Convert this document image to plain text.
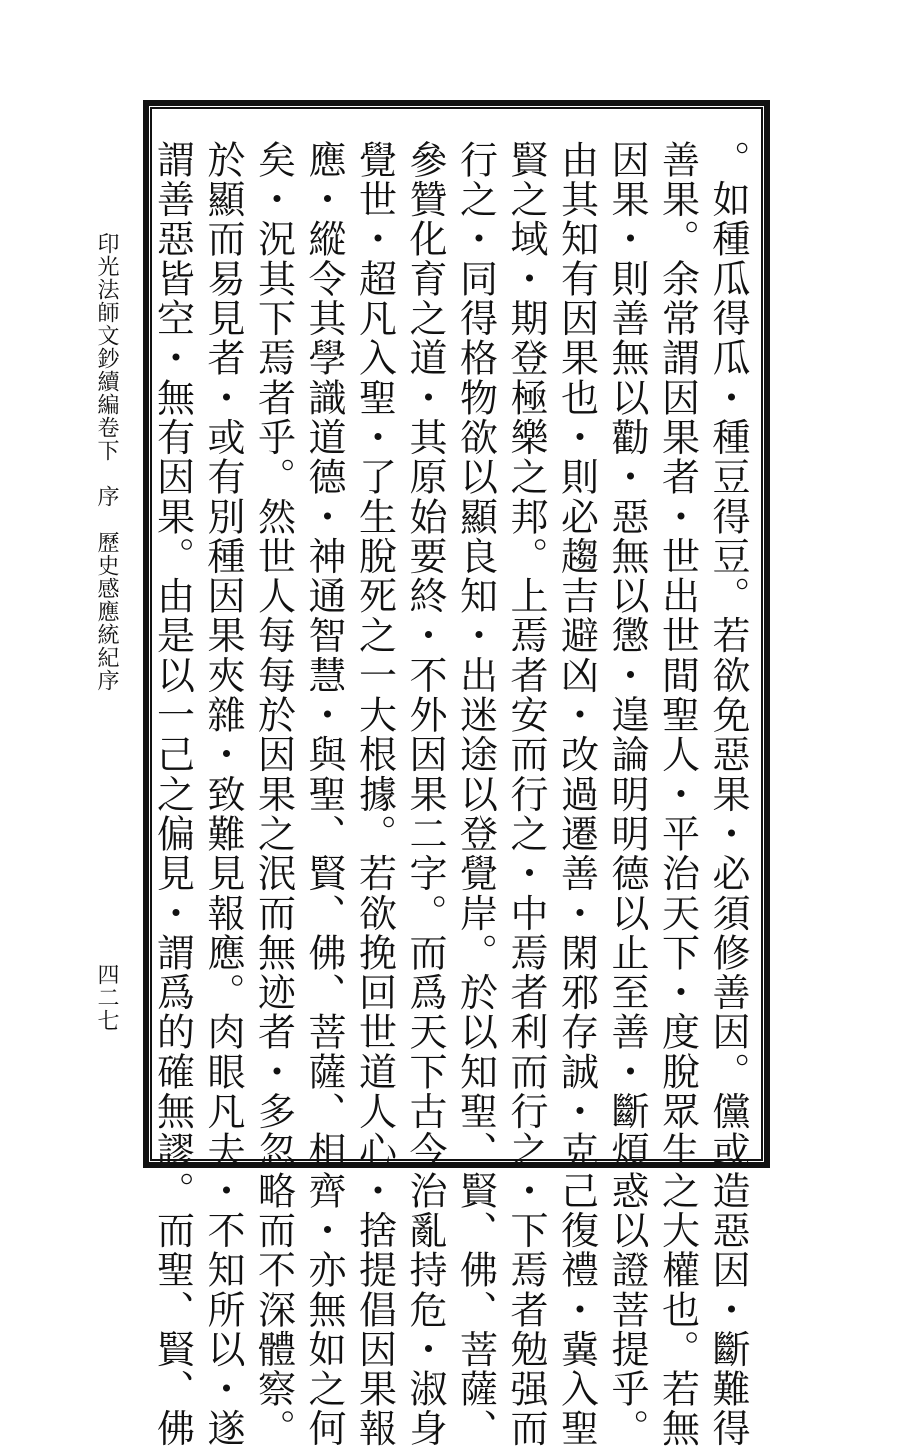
。如種瓜得瓜・種豆得豆。若欲免惡果・必須修善因。儻或造惡因・斷難得
善果。余常謂因果者・世出世間聖人・平治天下・度脫眾生之大權也。若無
因果・則善無以勸・惡無以懲・遑論明明德以止至善・斷煩惑以證菩提乎。
由其知有因果也・則必趨吉避凶・改過遷善・閑邪存誠・克己復禮・冀入聖
賢之域・期登極樂之邦。上焉者安而行之・中焉者利而行之・下焉者勉强而
行之・同得格物欲以顯良知・出迷途以登覺岸。於以知聖、賢、佛、菩薩、
參贊化育之道・其原始要終・不外因果二字。而爲天下古今治亂持危・淑身
覺世・超凡入聖・了生脫死之一大根據。若欲挽回世道人心・捨提倡因果報
應・縱令其學識道德・神通智慧・與聖、賢、佛、菩薩、相齊・亦無如之何
矣・況其下焉者乎。然世人每每於因果之泯而無迹者・多忽略而不深體察。
於顯而易見者・或有別種因果夾雜・致難見報應。肉眼凡夫・不知所以・遂
謂善惡皆空・無有因果。由是以一己之偏見・謂爲的確無謬。而聖、賢、佛
印光法師文鈔續編卷下　序　歷史感應統紀序
四二七
